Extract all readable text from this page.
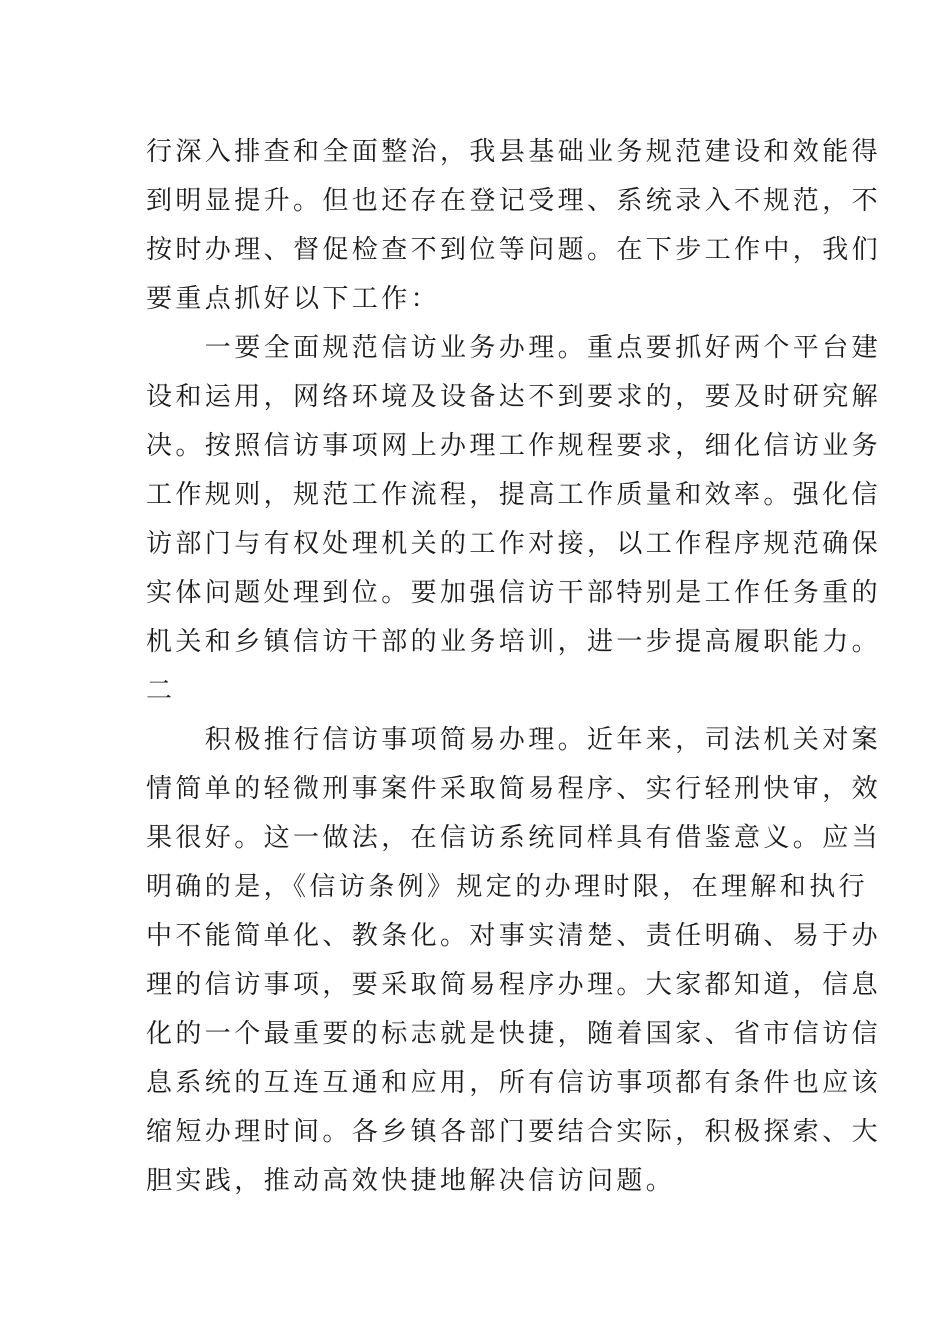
行深入排查和全面整治，我县基础业务规范建设和效能得
到明显提升。但也还存在登记受理、系统录入不规范，不
按时办理、督促检查不到位等问题。在下步工作中，我们
要重点抓好以下工作：
　　一要全面规范信访业务办理。重点要抓好两个平台建
设和运用，网络环境及设备达不到要求的，要及时研究解
决。按照信访事项网上办理工作规程要求，细化信访业务
工作规则，规范工作流程，提高工作质量和效率。强化信
访部门与有权处理机关的工作对接，以工作程序规范确保
实体问题处理到位。要加强信访干部特别是工作任务重的
机关和乡镇信访干部的业务培训，进一步提高履职能力。
二
　　积极推行信访事项简易办理。近年来，司法机关对案
情简单的轻微刑事案件采取简易程序、实行轻刑快审，效
果很好。这一做法，在信访系统同样具有借鉴意义。应当
明确的是，《信访条例》规定的办理时限，在理解和执行
中不能简单化、教条化。对事实清楚、责任明确、易于办
理的信访事项，要采取简易程序办理。大家都知道，信息
化的一个最重要的标志就是快捷，随着国家、省市信访信
息系统的互连互通和应用，所有信访事项都有条件也应该
缩短办理时间。各乡镇各部门要结合实际，积极探索、大
胆实践，推动高效快捷地解决信访问题。
